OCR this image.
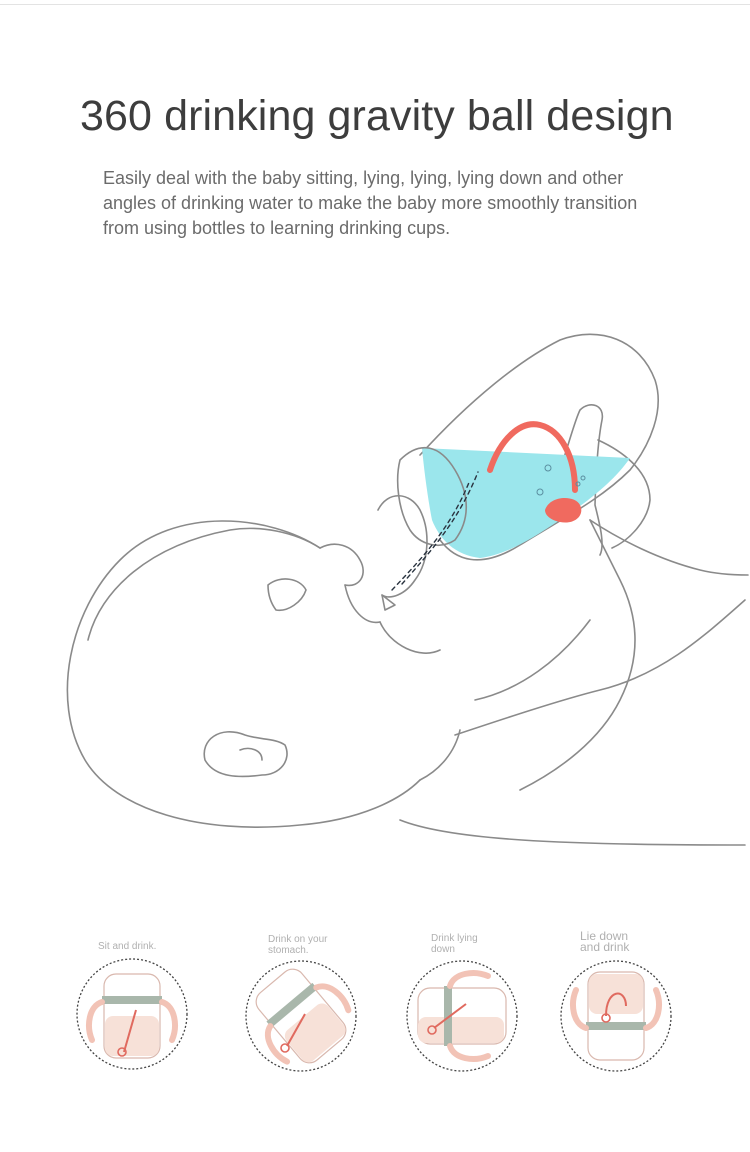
360 drinking gravity ball design

Easily deal with the baby sitting, lying, lying, lying down and other angles of drinking water to make the baby more smoothly transition from using bottles to learning drinking cups.

Sit and drink.
Drink on your stomach.
Drink lying down
Lie down and drink
